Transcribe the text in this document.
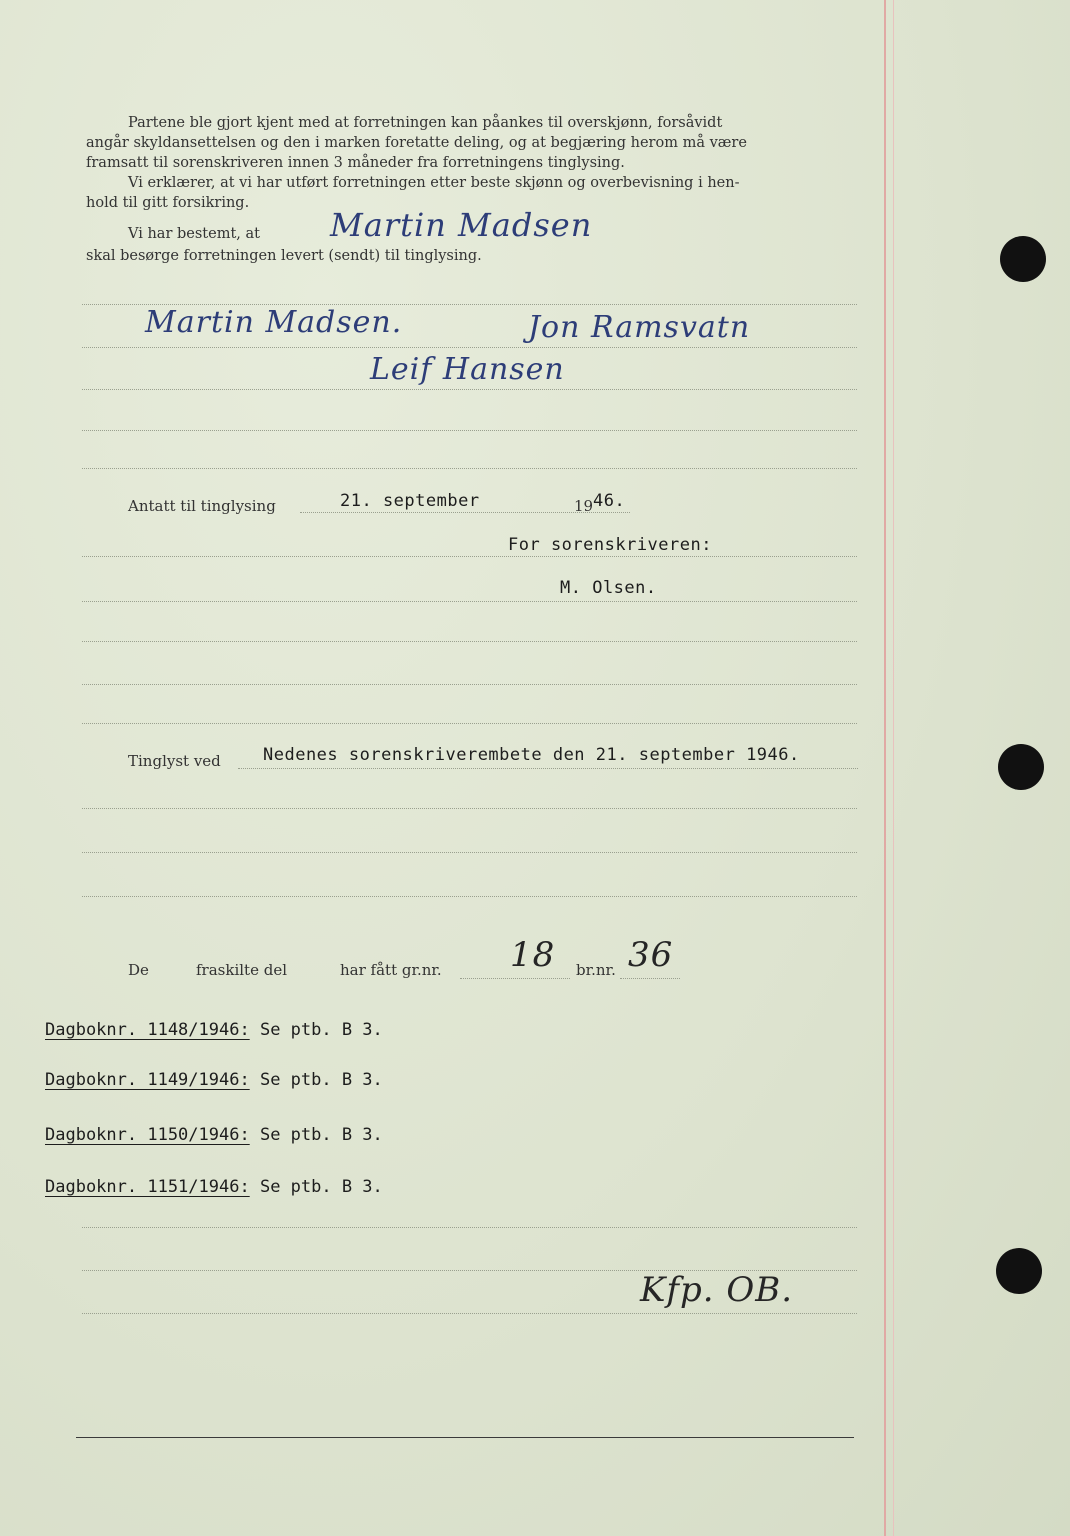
Partene ble gjort kjent med at forretningen kan påankes til overskjønn, forsåvidt

angår skyldansettelsen og den i marken foretatte deling, og at begjæring herom må være

framsatt til sorenskriveren innen 3 måneder fra forretningens tinglysing.

Vi erklærer, at vi har utført forretningen etter beste skjønn og overbevisning i hen-

hold til gitt forsikring.

Vi har bestemt, at Martin Madsen
skal besørge forretningen levert (sendt) til tinglysing.
Martin Madsen.	Jon Ramsvatn
Leif Hansen
Antatt til tinglysing	21. september	19 46.
For sorenskriveren:
M. Olsen.
Tinglyst ved Nedenes sorenskriverembete den 21. september 1946.
De	fraskilte del	har fått gr.nr. 18 br.nr. 36
Dagboknr. 1148/1946: Se ptb. B 3.
Dagboknr. 1149/1946: Se ptb. B 3.
Dagboknr. 1150/1946: Se ptb. B 3.
Dagboknr. 1151/1946: Se ptb. B 3.
Kfp. OB.
